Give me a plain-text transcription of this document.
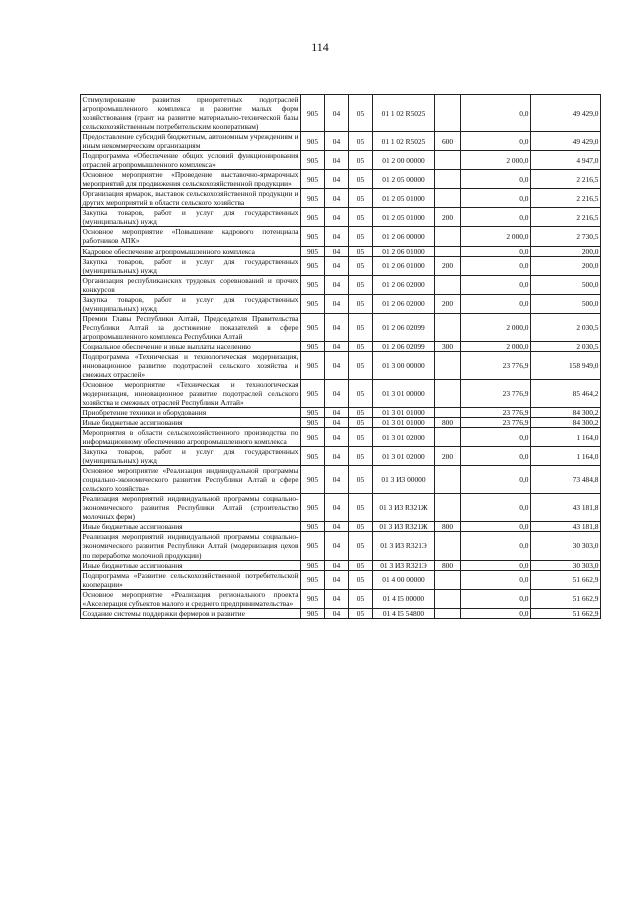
114
Стимулирование развития приоритетных подотраслей агропромышленного комплекса и развитие малых форм хозяйствования (грант на развитие материально-технической базы сельскохозяйственным потребительским кооперативам)	905	04	05	01 1 02 R5025		0,0	49 429,0
Предоставление субсидий бюджетным, автономным учреждениям и иным некоммерческим организациям	905	04	05	01 1 02 R5025	600	0,0	49 429,0
Подпрограмма «Обеспечение общих условий функционирования отраслей агропромышленного комплекса»	905	04	05	01 2 00 00000		2 000,0	4 947,0
Основное мероприятие «Проведение выставочно-ярмарочных мероприятий для продвижения сельскохозяйственной продукции»	905	04	05	01 2 05 00000		0,0	2 216,5
Организация ярмарок, выставок сельскохозяйственной продукции и других мероприятий в области сельского хозяйства	905	04	05	01 2 05 01000		0,0	2 216,5
Закупка товаров, работ и услуг для государственных (муниципальных) нужд	905	04	05	01 2 05 01000	200	0,0	2 216,5
Основное мероприятие «Повышение кадрового потенциала работников АПК»	905	04	05	01 2 06 00000		2 000,0	2 730,5
Кадровое обеспечение агропромышленного комплекса	905	04	05	01 2 06 01000		0,0	200,0
Закупка товаров, работ и услуг для государственных (муниципальных) нужд	905	04	05	01 2 06 01000	200	0,0	200,0
Организация республиканских трудовых соревнований и прочих конкурсов	905	04	05	01 2 06 02000		0,0	500,0
Закупка товаров, работ и услуг для государственных (муниципальных) нужд	905	04	05	01 2 06 02000	200	0,0	500,0
Премии Главы Республики Алтай, Председателя Правительства Республики Алтай за достижение показателей в сфере агропромышленного комплекса Республики Алтай	905	04	05	01 2 06 02099		2 000,0	2 030,5
Социальное обеспечение и иные выплаты населению	905	04	05	01 2 06 02099	300	2 000,0	2 030,5
Подпрограмма «Техническая и технологическая модернизация, инновационное развитие подотраслей сельского хозяйства и смежных отраслей»	905	04	05	01 3 00 00000		23 776,9	158 949,0
Основное мероприятие «Техническая и технологическая модернизация, инновационное развитие подотраслей сельского хозяйства и смежных отраслей Республики Алтай»	905	04	05	01 3 01 00000		23 776,9	85 464,2
Приобретение техники и оборудования	905	04	05	01 3 01 01000		23 776,9	84 300,2
Иные бюджетные ассигнования	905	04	05	01 3 01 01000	800	23 776,9	84 300,2
Мероприятия в области сельскохозяйственного производства по информационному обеспечению агропромышленного комплекса	905	04	05	01 3 01 02000		0,0	1 164,0
Закупка товаров, работ и услуг для государственных (муниципальных) нужд	905	04	05	01 3 01 02000	200	0,0	1 164,0
Основное мероприятие «Реализация индивидуальной программы социально-экономического развития Республики Алтай в сфере сельского хозяйства»	905	04	05	01 3 И3 00000		0,0	73 484,8
Реализация мероприятий индивидуальной программы социально-экономического развития Республики Алтай (строительство молочных ферм)	905	04	05	01 3 И3 R321Ж		0,0	43 181,8
Иные бюджетные ассигнования	905	04	05	01 3 И3 R321Ж	800	0,0	43 181,8
Реализация мероприятий индивидуальной программы социально-экономического развития Республики Алтай (модернизация цехов по переработке молочной продукции)	905	04	05	01 3 И3 R321Э		0,0	30 303,0
Иные бюджетные ассигнования	905	04	05	01 3 И3 R321Э	800	0,0	30 303,0
Подпрограмма «Развитие сельскохозяйственной потребительской кооперации»	905	04	05	01 4 00 00000		0,0	51 662,9
Основное мероприятие «Реализация регионального проекта «Акселерация субъектов малого и среднего предпринимательства»	905	04	05	01 4 I5 00000		0,0	51 662,9
Создание системы поддержки фермеров и развитие	905	04	05	01 4 I5 54800		0,0	51 662,9
